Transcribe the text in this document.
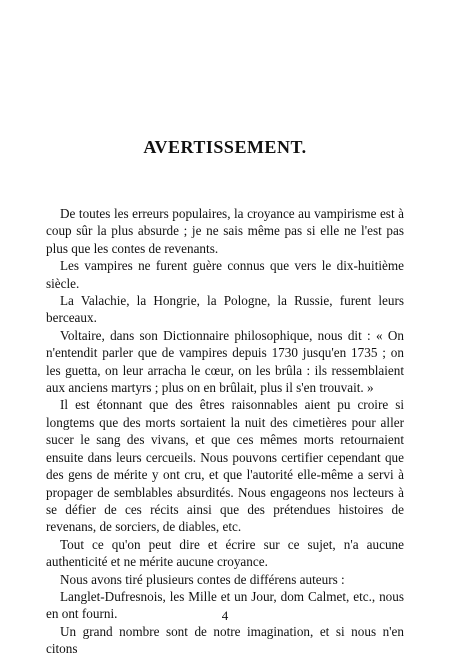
AVERTISSEMENT.

De toutes les erreurs populaires, la croyance au vampirisme est à coup sûr la plus absurde ; je ne sais même pas si elle ne l'est pas plus que les contes de revenants.

Les vampires ne furent guère connus que vers le dix-huitième siècle.

La Valachie, la Hongrie, la Pologne, la Russie, furent leurs berceaux.

Voltaire, dans son Dictionnaire philosophique, nous dit : « On n'entendit parler que de vampires depuis 1730 jusqu'en 1735 ; on les guetta, on leur arracha le cœur, on les brûla : ils ressemblaient aux anciens martyrs ; plus on en brûlait, plus il s'en trouvait. »

Il est étonnant que des êtres raisonnables aient pu croire si longtems que des morts sortaient la nuit des cimetières pour aller sucer le sang des vivans, et que ces mêmes morts retournaient ensuite dans leurs cercueils. Nous pouvons certifier cependant que des gens de mérite y ont cru, et que l'autorité elle-même a servi à propager de semblables absurdités. Nous engageons nos lecteurs à se défier de ces récits ainsi que des prétendues histoires de revenans, de sorciers, de diables, etc.

Tout ce qu'on peut dire et écrire sur ce sujet, n'a aucune authenticité et ne mérite aucune croyance.

Nous avons tiré plusieurs contes de différens auteurs :

Langlet-Dufresnois, les Mille et un Jour, dom Calmet, etc., nous en ont fourni.

Un grand nombre sont de notre imagination, et si nous n'en citons

4
